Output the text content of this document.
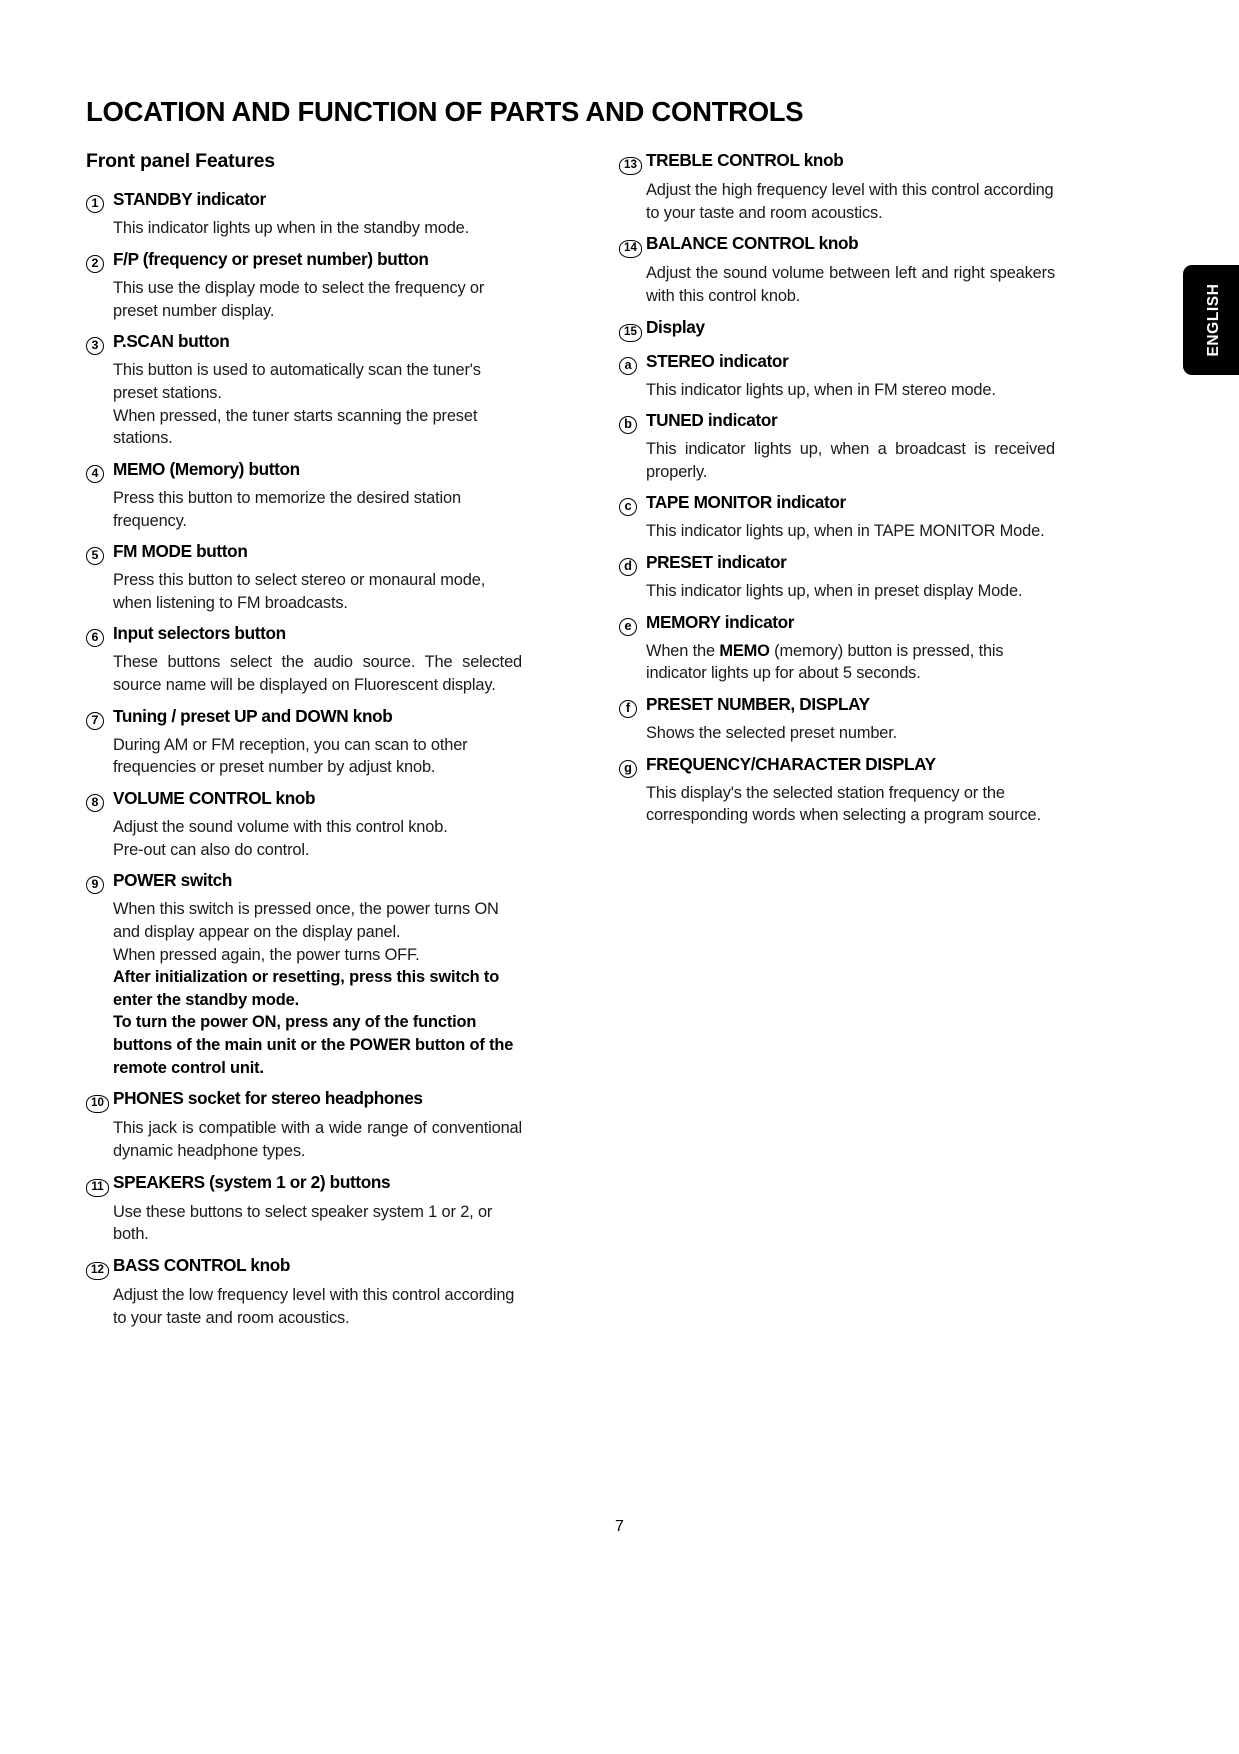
LOCATION AND FUNCTION OF PARTS AND CONTROLS
Front panel Features
1 STANDBY indicator

This indicator lights up when in the standby mode.

2 F/P (frequency or preset number) button

This use the display mode to select the frequency or preset number display.

3 P.SCAN button

This button is used to automatically scan the tuner's preset stations.

When pressed, the tuner starts scanning the preset stations.

4 MEMO (Memory) button

Press this button to memorize the desired station frequency.

5 FM MODE button

Press this button to select stereo or monaural mode, when listening to FM broadcasts.

6 Input selectors button

These buttons select the audio source. The selected source name will be displayed on Fluorescent display.

7 Tuning / preset UP and DOWN knob

During AM or FM reception, you can scan to other frequencies or preset number by adjust knob.

8 VOLUME CONTROL knob

Adjust the sound volume with this control knob.

Pre-out can also do control.

9 POWER switch

When this switch is pressed once, the power turns ON and display appear on the display panel.

When pressed again, the power turns OFF.

After initialization or resetting, press this switch to enter the standby mode.

To turn the power ON, press any of the function buttons of the main unit or the POWER button of the remote control unit.

10 PHONES socket for stereo headphones

This jack is compatible with a wide range of conventional dynamic headphone types.

11 SPEAKERS (system 1 or 2) buttons

Use these buttons to select speaker system 1 or 2, or both.

12 BASS CONTROL knob

Adjust the low frequency level with this control according to your taste and room acoustics.

13 TREBLE CONTROL knob

Adjust the high frequency level with this control according to your taste and room acoustics.

14 BALANCE CONTROL knob

Adjust the sound volume between left and right speakers with this control knob.

15 Display
a STEREO indicator

This indicator lights up, when in FM stereo mode.

b TUNED indicator

This indicator lights up, when a broadcast is received properly.

c TAPE MONITOR indicator

This indicator lights up, when in TAPE MONITOR Mode.

d PRESET indicator

This indicator lights up, when in preset display Mode.

e MEMORY indicator

When the MEMO (memory) button is pressed, this indicator lights up for about 5 seconds.

f PRESET NUMBER, DISPLAY

Shows the selected preset number.

g FREQUENCY/CHARACTER DISPLAY

This display's the selected station frequency or the corresponding words when selecting a program source.

ENGLISH
7
